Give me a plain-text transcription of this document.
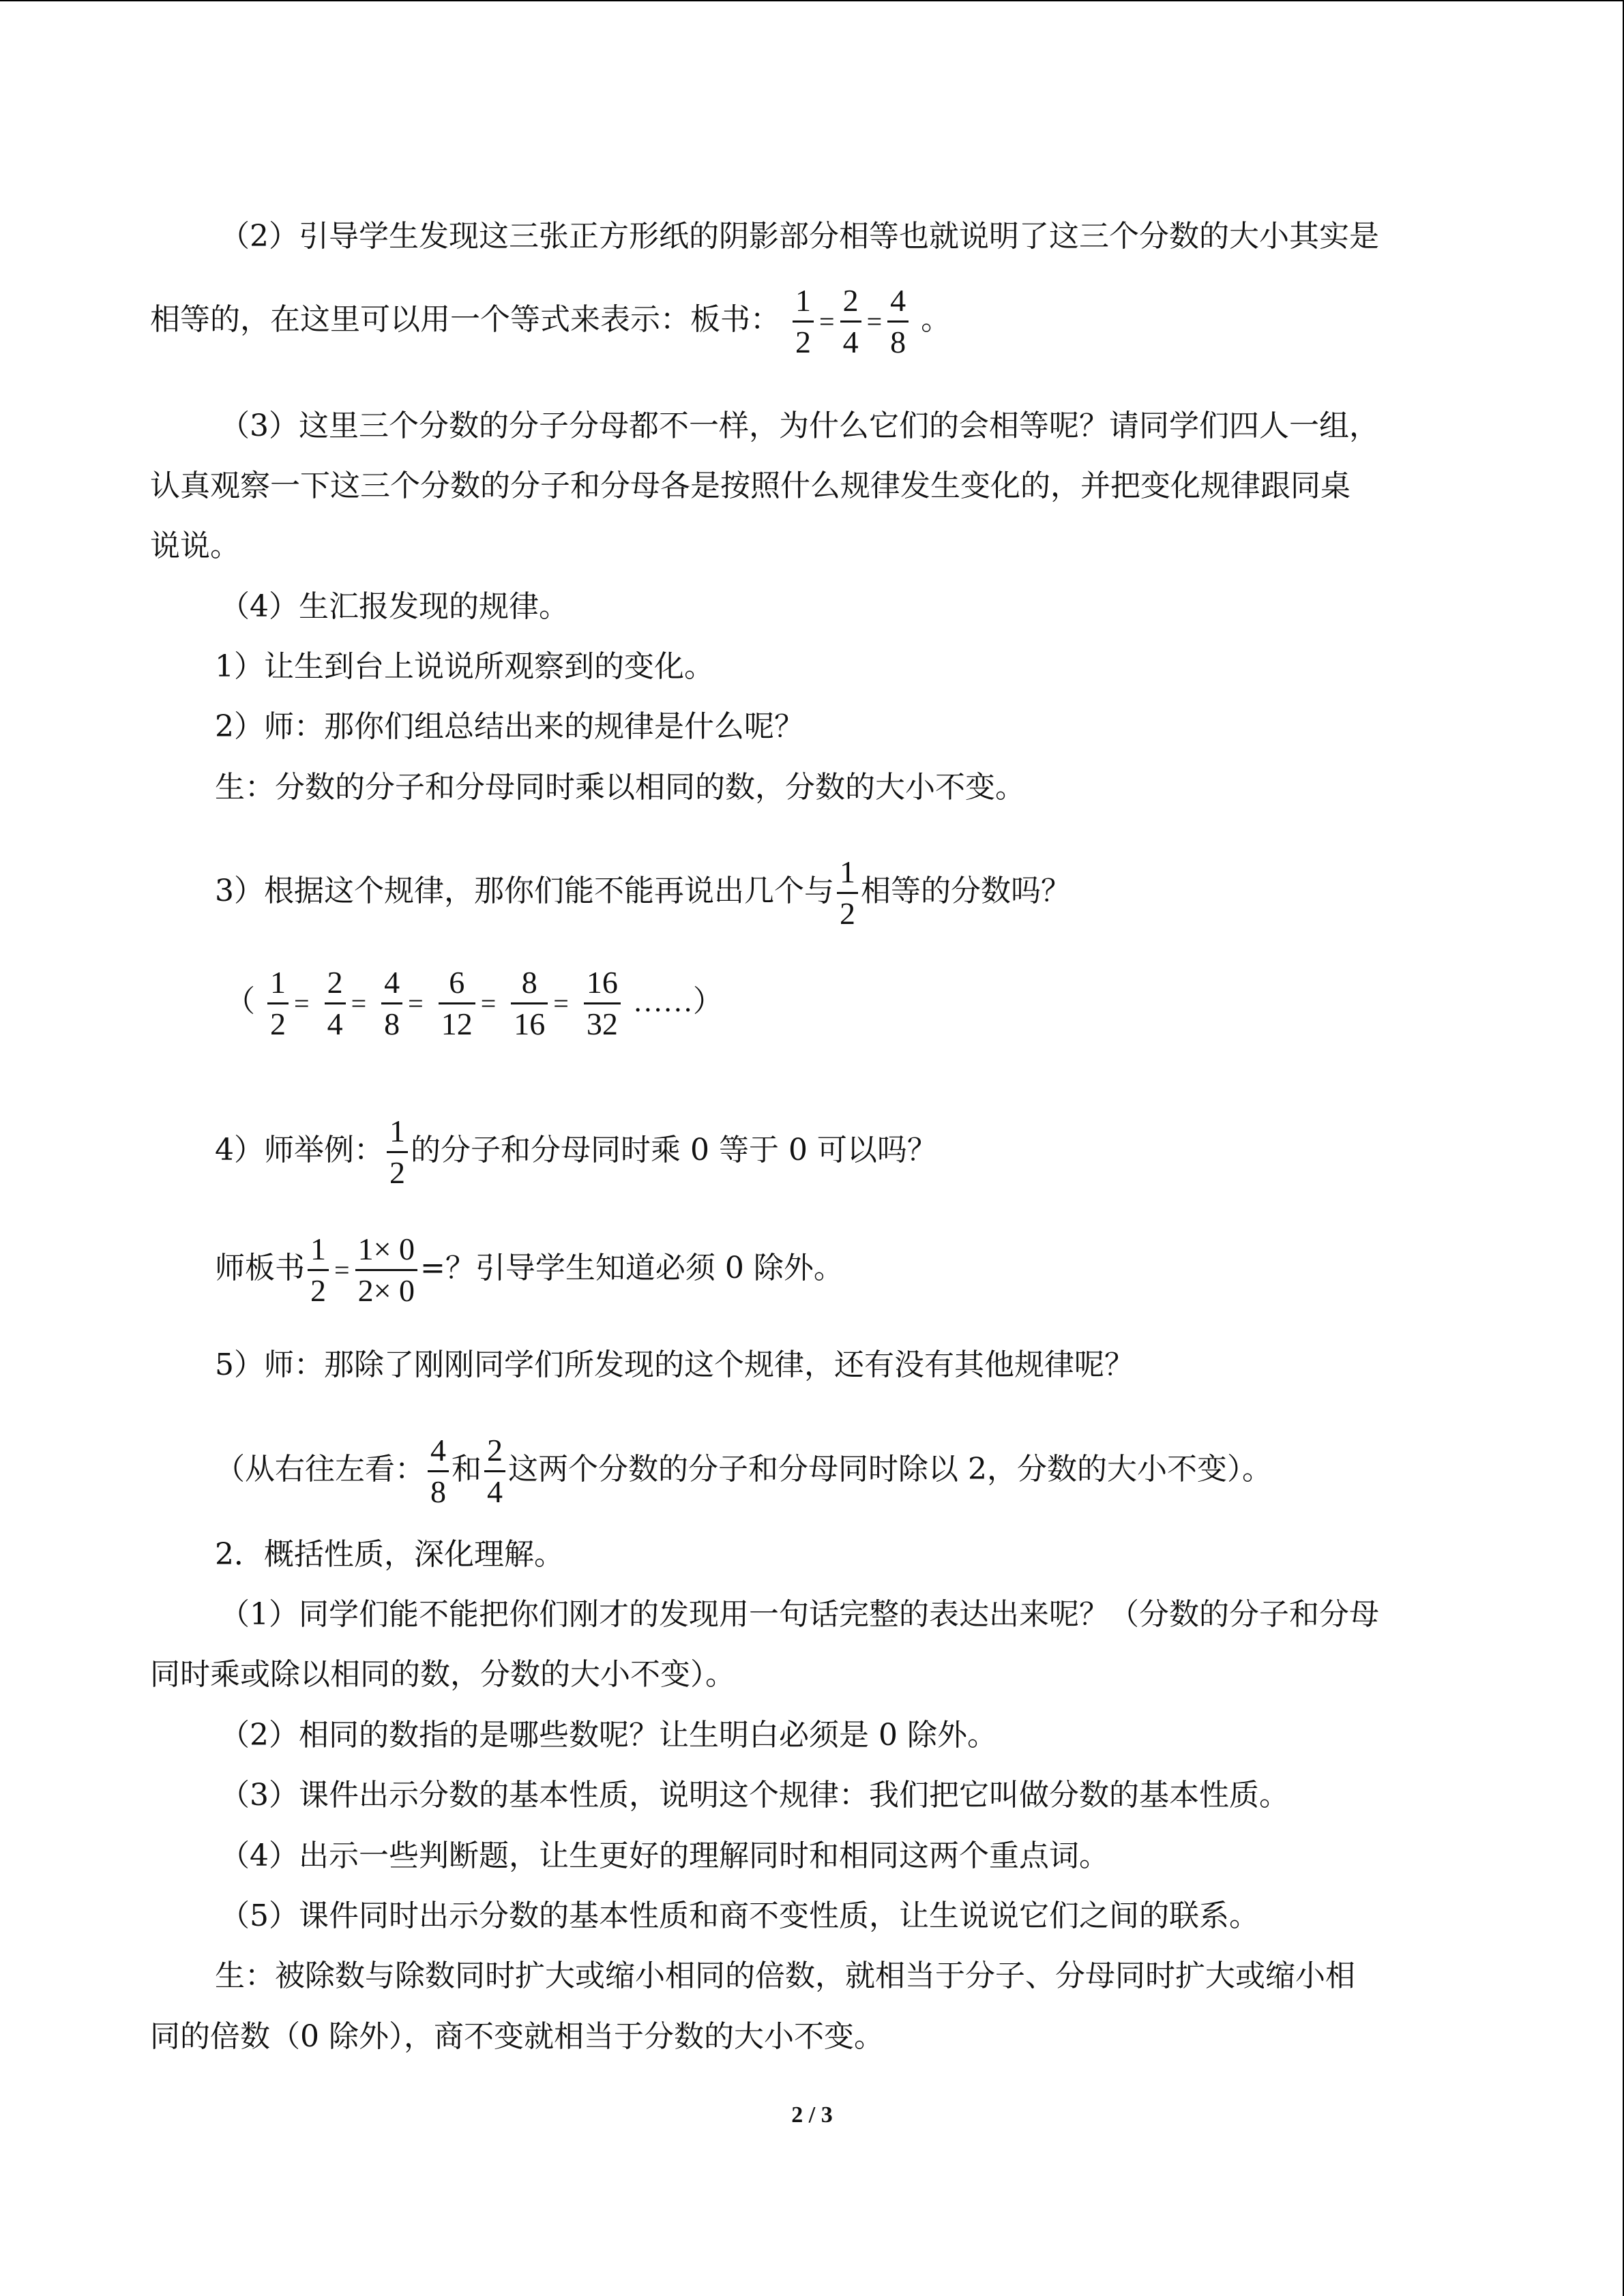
（2）引导学生发现这三张正方形纸的阴影部分相等也就说明了这三个分数的大小其实是
相等的，在这里可以用一个等式来表示：板书： $\frac{1}{2} = \frac{2}{4} = \frac{4}{8}$ 。
（3）这里三个分数的分子分母都不一样，为什么它们的会相等呢？请同学们四人一组，
认真观察一下这三个分数的分子和分母各是按照什么规律发生变化的，并把变化规律跟同桌
说说。
（4）生汇报发现的规律。
1）让生到台上说说所观察到的变化。
2）师：那你们组总结出来的规律是什么呢？
生：分数的分子和分母同时乘以相同的数，分数的大小不变。
3）根据这个规律，那你们能不能再说出几个与 $\frac{1}{2}$ 相等的分数吗？
（ $\frac{1}{2} = \frac{2}{4} = \frac{4}{8} = \frac{6}{12} = \frac{8}{16} = \frac{16}{32}$ ……）
4）师举例： $\frac{1}{2}$ 的分子和分母同时乘 0 等于 0 可以吗？
师板书 $\frac{1}{2} = \frac{1\times 0}{2\times 0}$ =？引导学生知道必须 0 除外。
5）师：那除了刚刚同学们所发现的这个规律，还有没有其他规律呢？
（从右往左看： $\frac{4}{8}$ 和 $\frac{2}{4}$ 这两个分数的分子和分母同时除以 2，分数的大小不变）。
2．概括性质，深化理解。
（1）同学们能不能把你们刚才的发现用一句话完整的表达出来呢？（分数的分子和分母
同时乘或除以相同的数，分数的大小不变）。
（2）相同的数指的是哪些数呢？让生明白必须是 0 除外。
（3）课件出示分数的基本性质，说明这个规律：我们把它叫做分数的基本性质。
（4）出示一些判断题，让生更好的理解同时和相同这两个重点词。
（5）课件同时出示分数的基本性质和商不变性质，让生说说它们之间的联系。
生：被除数与除数同时扩大或缩小相同的倍数，就相当于分子、分母同时扩大或缩小相
同的倍数（0 除外），商不变就相当于分数的大小不变。
2 / 3
